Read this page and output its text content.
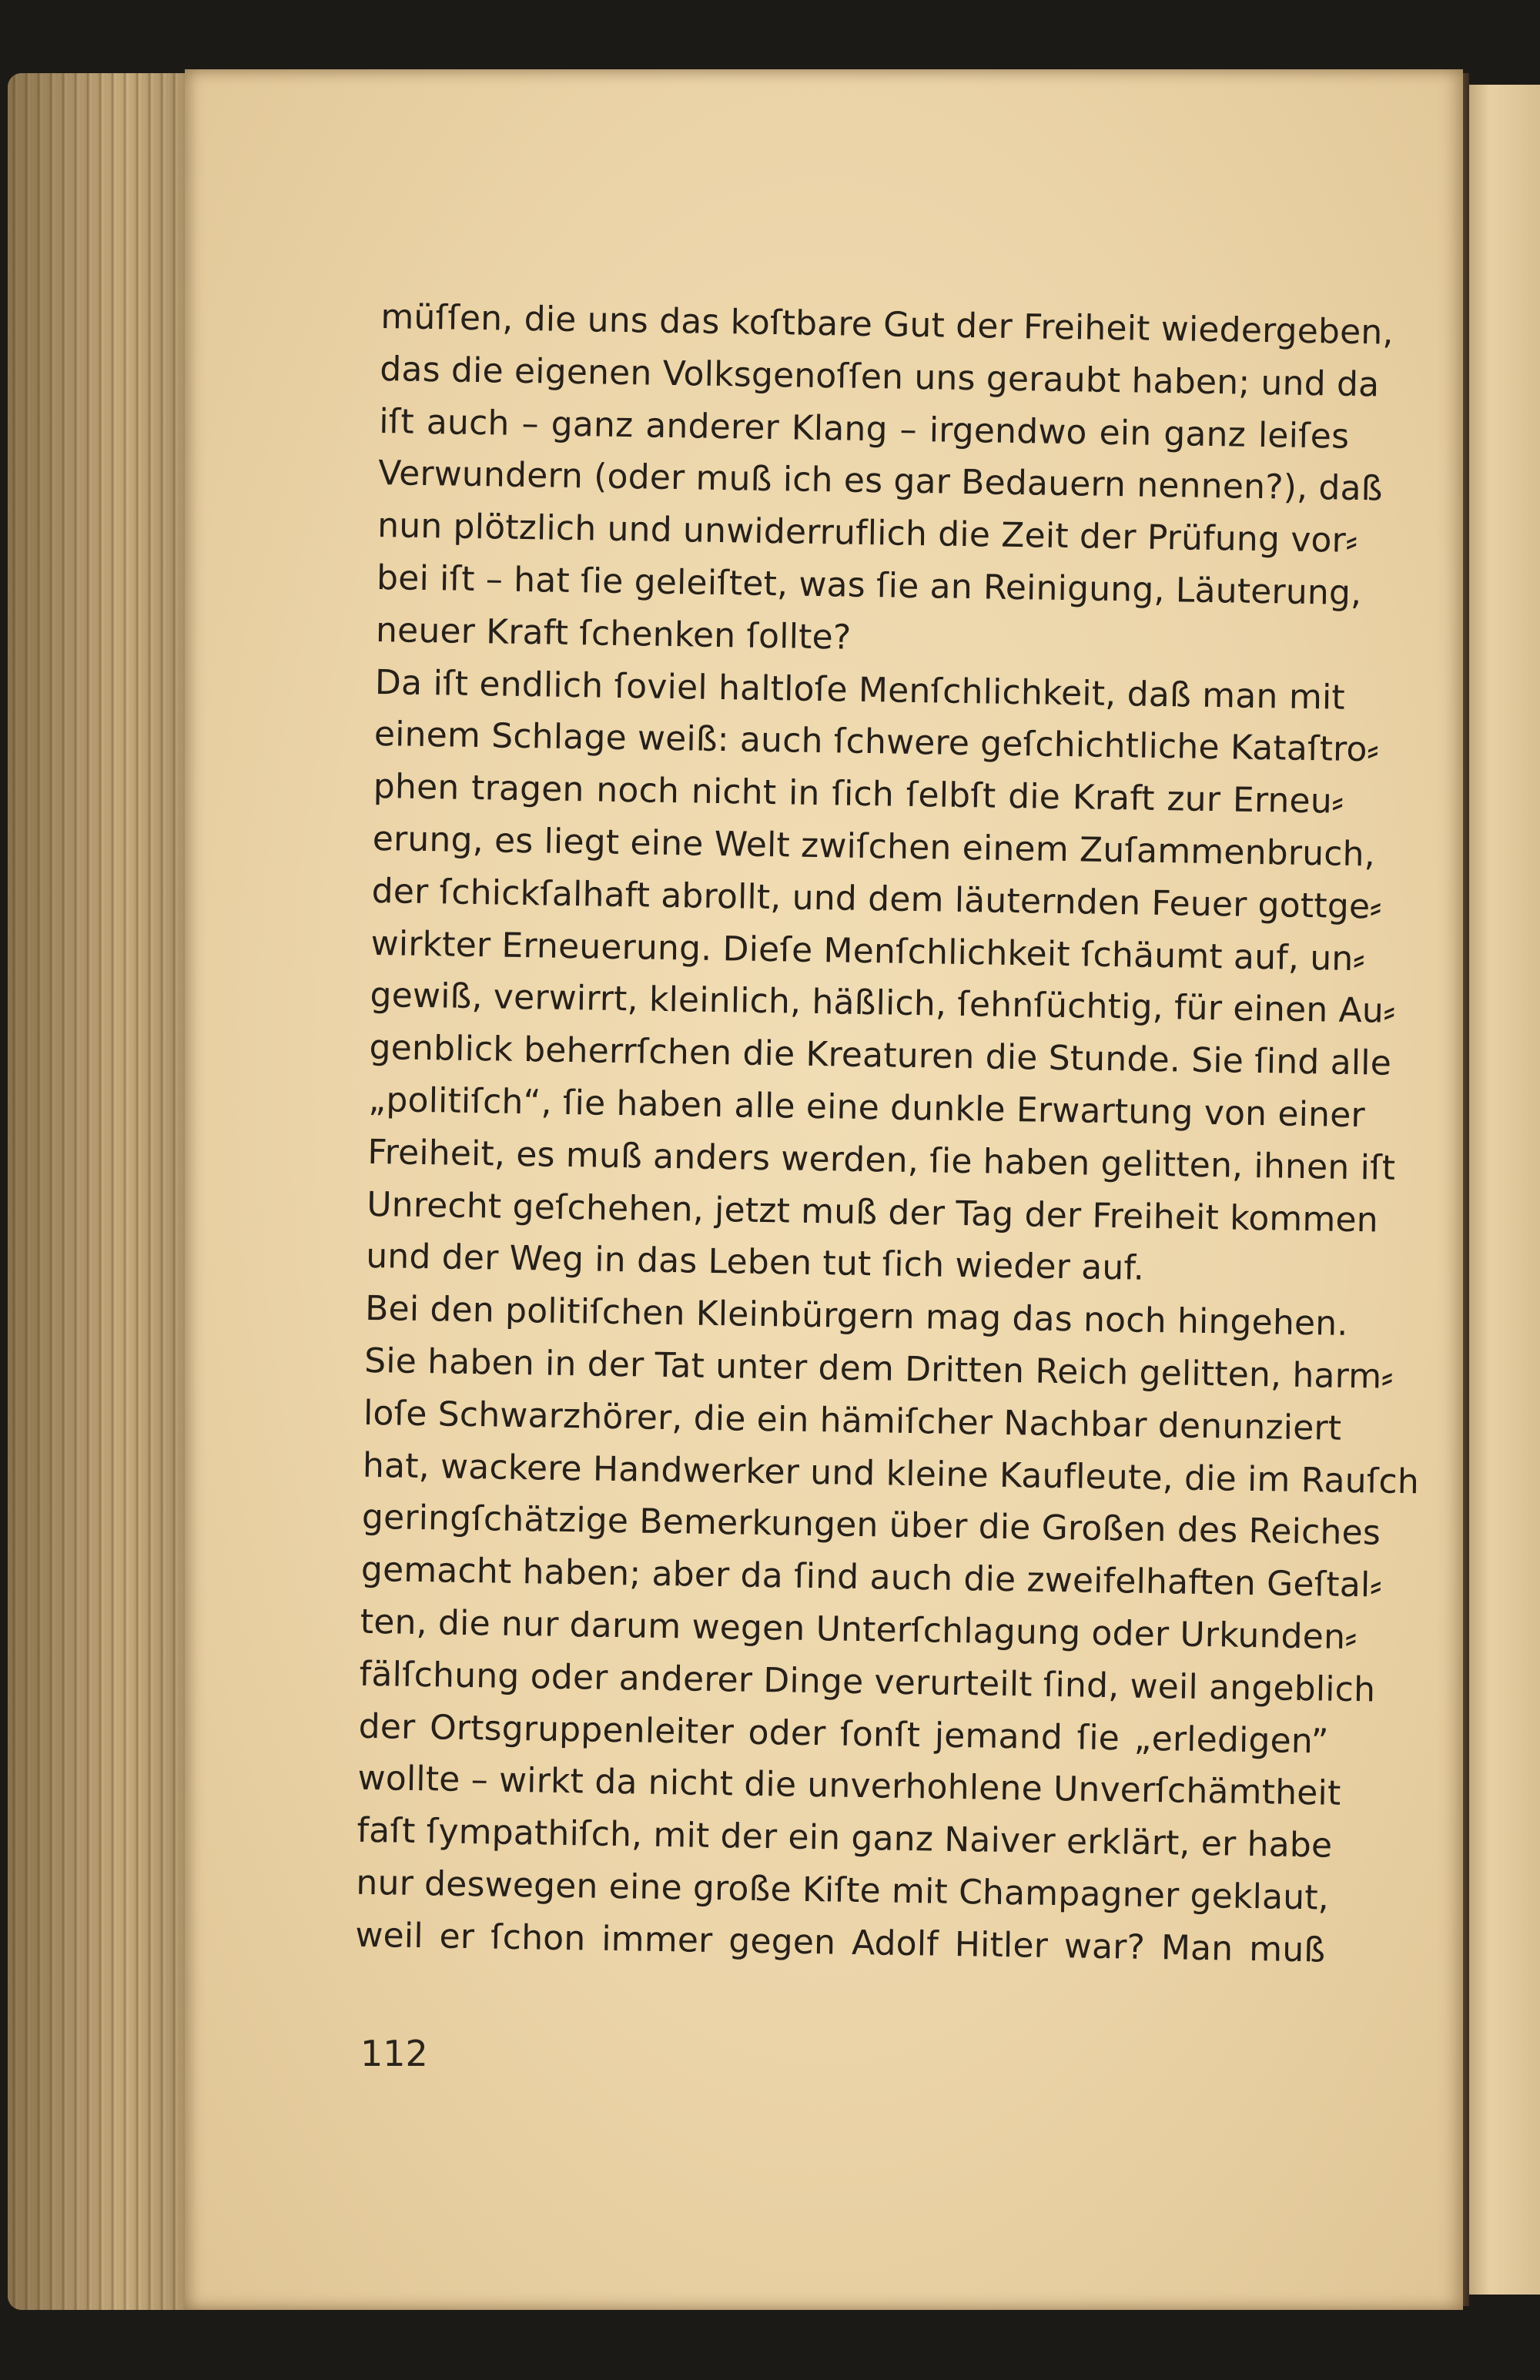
müſſen, die uns das koſtbare Gut der Freiheit wiedergeben,
das die eigenen Volksgenoſſen uns geraubt haben; und da
iſt auch – ganz anderer Klang – irgendwo ein ganz leiſes
Verwundern (oder muß ich es gar Bedauern nennen?), daß
nun plötzlich und unwiderruflich die Zeit der Prüfung vor⸗
bei iſt – hat ſie geleiſtet, was ſie an Reinigung, Läuterung,
neuer Kraft ſchenken ſollte?
Da iſt endlich ſoviel haltloſe Menſchlichkeit, daß man mit
einem Schlage weiß: auch ſchwere geſchichtliche Kataſtro⸗
phen tragen noch nicht in ſich ſelbſt die Kraft zur Erneu⸗
erung, es liegt eine Welt zwiſchen einem Zuſammenbruch,
der ſchickſalhaft abrollt, und dem läuternden Feuer gottge⸗
wirkter Erneuerung. Dieſe Menſchlichkeit ſchäumt auf, un⸗
gewiß, verwirrt, kleinlich, häßlich, ſehnſüchtig, für einen Au⸗
genblick beherrſchen die Kreaturen die Stunde. Sie ſind alle
„politiſch“, ſie haben alle eine dunkle Erwartung von einer
Freiheit, es muß anders werden, ſie haben gelitten, ihnen iſt
Unrecht geſchehen, jetzt muß der Tag der Freiheit kommen
und der Weg in das Leben tut ſich wieder auf.
Bei den politiſchen Kleinbürgern mag das noch hingehen.
Sie haben in der Tat unter dem Dritten Reich gelitten, harm⸗
loſe Schwarzhörer, die ein hämiſcher Nachbar denunziert
hat, wackere Handwerker und kleine Kaufleute, die im Rauſch
geringſchätzige Bemerkungen über die Großen des Reiches
gemacht haben; aber da ſind auch die zweifelhaften Geſtal⸗
ten, die nur darum wegen Unterſchlagung oder Urkunden⸗
fälſchung oder anderer Dinge verurteilt ſind, weil angeblich
der Ortsgruppenleiter oder ſonſt jemand ſie „erledigen”
wollte – wirkt da nicht die unverhohlene Unverſchämtheit
faſt ſympathiſch, mit der ein ganz Naiver erklärt, er habe
nur deswegen eine große Kiſte mit Champagner geklaut,
weil er ſchon immer gegen Adolf Hitler war? Man muß
112
